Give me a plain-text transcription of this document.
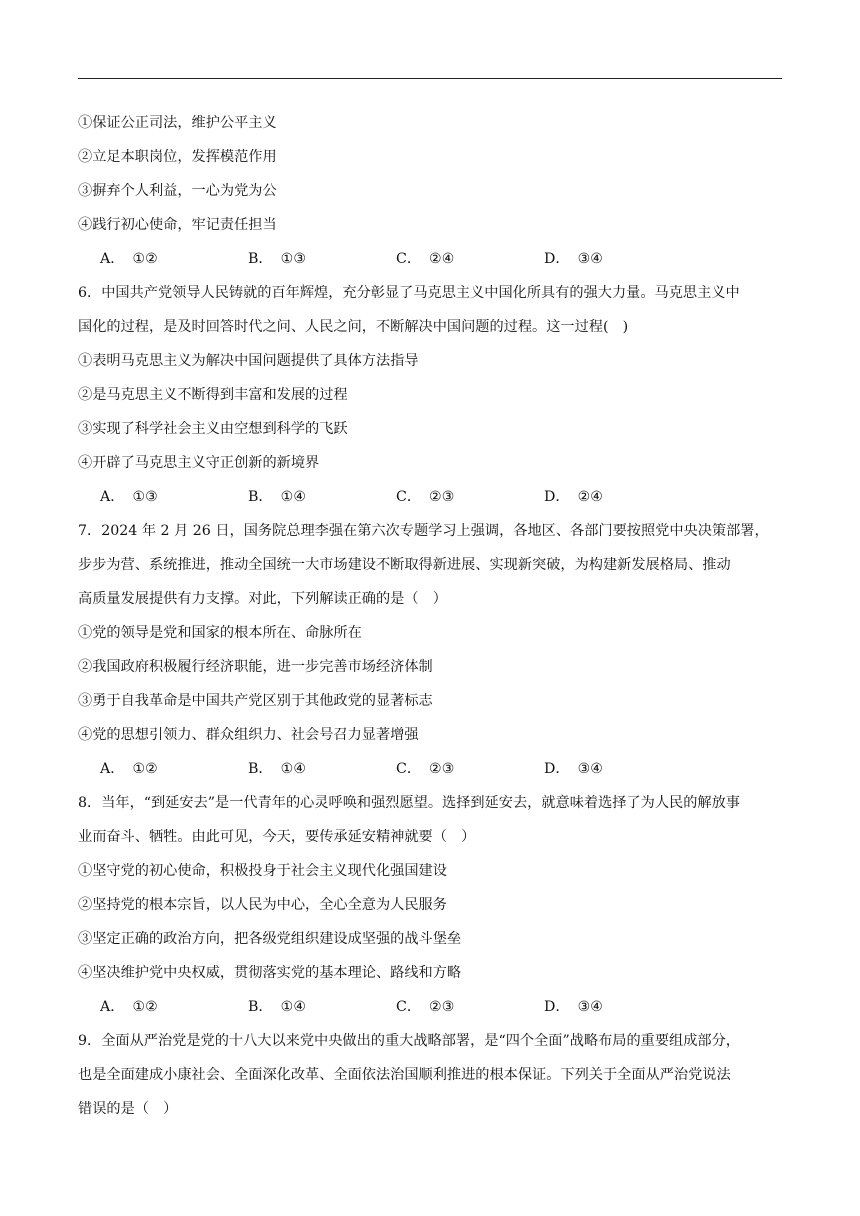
①保证公正司法，维护公平主义
②立足本职岗位，发挥模范作用
③摒弃个人利益，一心为党为公
④践行初心使命，牢记责任担当
A． ①②	B． ①③	C． ②④	D． ③④
6．中国共产党领导人民铸就的百年辉煌，充分彰显了马克思主义中国化所具有的强大力量。马克思主义中
国化的过程，是及时回答时代之问、人民之问，不断解决中国问题的过程。这一过程(　)
①表明马克思主义为解决中国问题提供了具体方法指导
②是马克思主义不断得到丰富和发展的过程
③实现了科学社会主义由空想到科学的飞跃
④开辟了马克思主义守正创新的新境界
A． ①③	B． ①④	C． ②③	D． ②④
7．2024 年 2 月 26 日，国务院总理李强在第六次专题学习上强调，各地区、各部门要按照党中央决策部署，
步步为营、系统推进，推动全国统一大市场建设不断取得新进展、实现新突破，为构建新发展格局、推动
高质量发展提供有力支撑。对此，下列解读正确的是（　）
①党的领导是党和国家的根本所在、命脉所在
②我国政府积极履行经济职能，进一步完善市场经济体制
③勇于自我革命是中国共产党区别于其他政党的显著标志
④党的思想引领力、群众组织力、社会号召力显著增强
A． ①②	B． ①④	C． ②③	D． ③④
8．当年，“到延安去”是一代青年的心灵呼唤和强烈愿望。选择到延安去，就意味着选择了为人民的解放事
业而奋斗、牺牲。由此可见，今天，要传承延安精神就要（　）
①坚守党的初心使命，积极投身于社会主义现代化强国建设
②坚持党的根本宗旨，以人民为中心，全心全意为人民服务
③坚定正确的政治方向，把各级党组织建设成坚强的战斗堡垒
④坚决维护党中央权威，贯彻落实党的基本理论、路线和方略
A． ①②	B． ①④	C． ②③	D． ③④
9．全面从严治党是党的十八大以来党中央做出的重大战略部署，是“四个全面”战略布局的重要组成部分，
也是全面建成小康社会、全面深化改革、全面依法治国顺利推进的根本保证。下列关于全面从严治党说法
错误的是（　）
